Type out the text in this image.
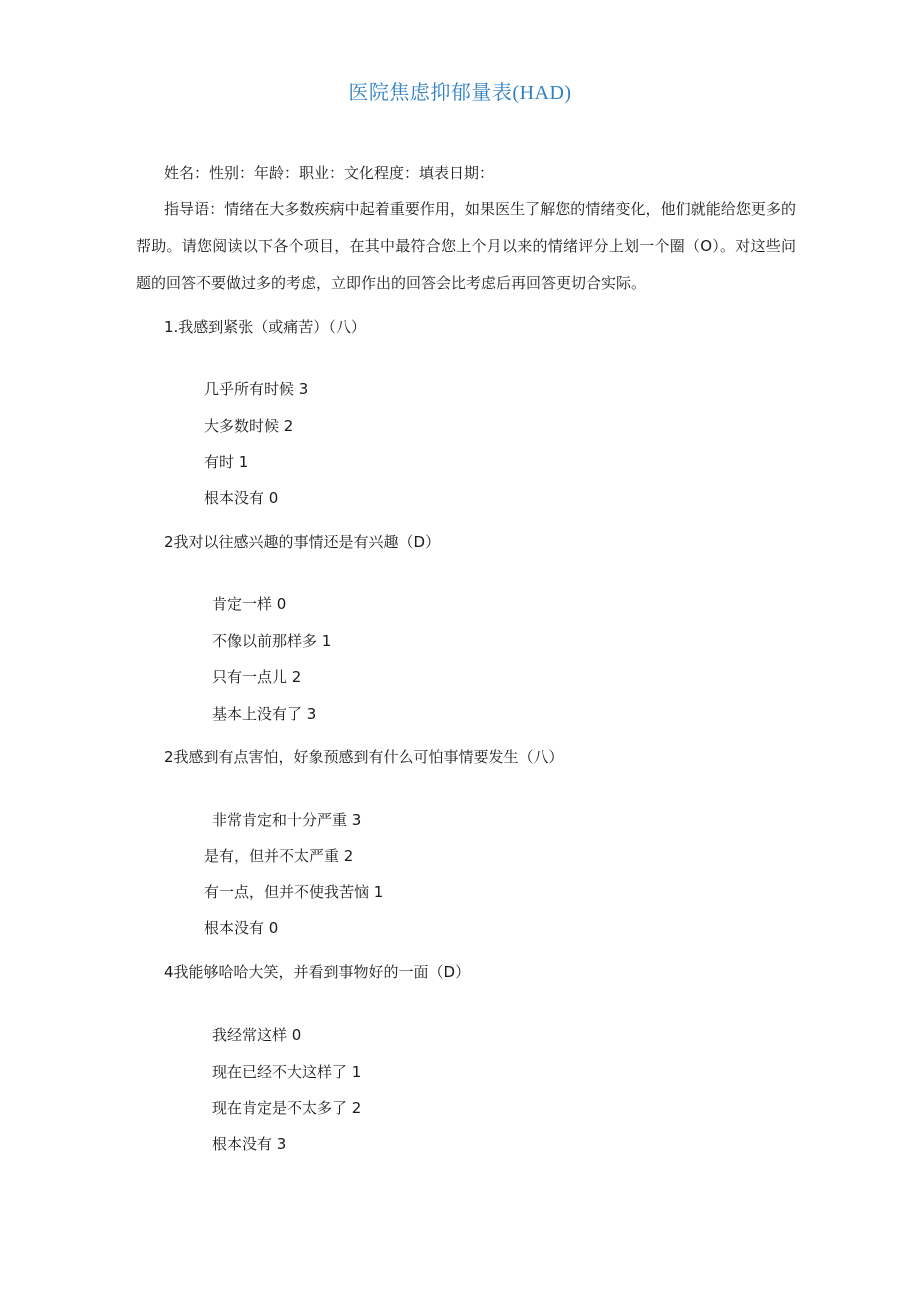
医院焦虑抑郁量表(HAD)
姓名：性别：年龄：职业：文化程度：填表日期：
指导语：情绪在大多数疾病中起着重要作用，如果医生了解您的情绪变化，他们就能给您更多的帮助。请您阅读以下各个项目，在其中最符合您上个月以来的情绪评分上划一个圈（O）。对这些问题的回答不要做过多的考虑，立即作出的回答会比考虑后再回答更切合实际。
1.我感到紧张（或痛苦）（八）
几乎所有时候 3
大多数时候 2
有时 1
根本没有 0
2我对以往感兴趣的事情还是有兴趣（D）
肯定一样 0
不像以前那样多 1
只有一点儿 2
基本上没有了 3
2我感到有点害怕，好象预感到有什么可怕事情要发生（八）
非常肯定和十分严重 3
是有，但并不太严重 2
有一点，但并不使我苦恼 1
根本没有 0
4我能够哈哈大笑，并看到事物好的一面（D）
我经常这样 0
现在已经不大这样了 1
现在肯定是不太多了 2
根本没有 3
